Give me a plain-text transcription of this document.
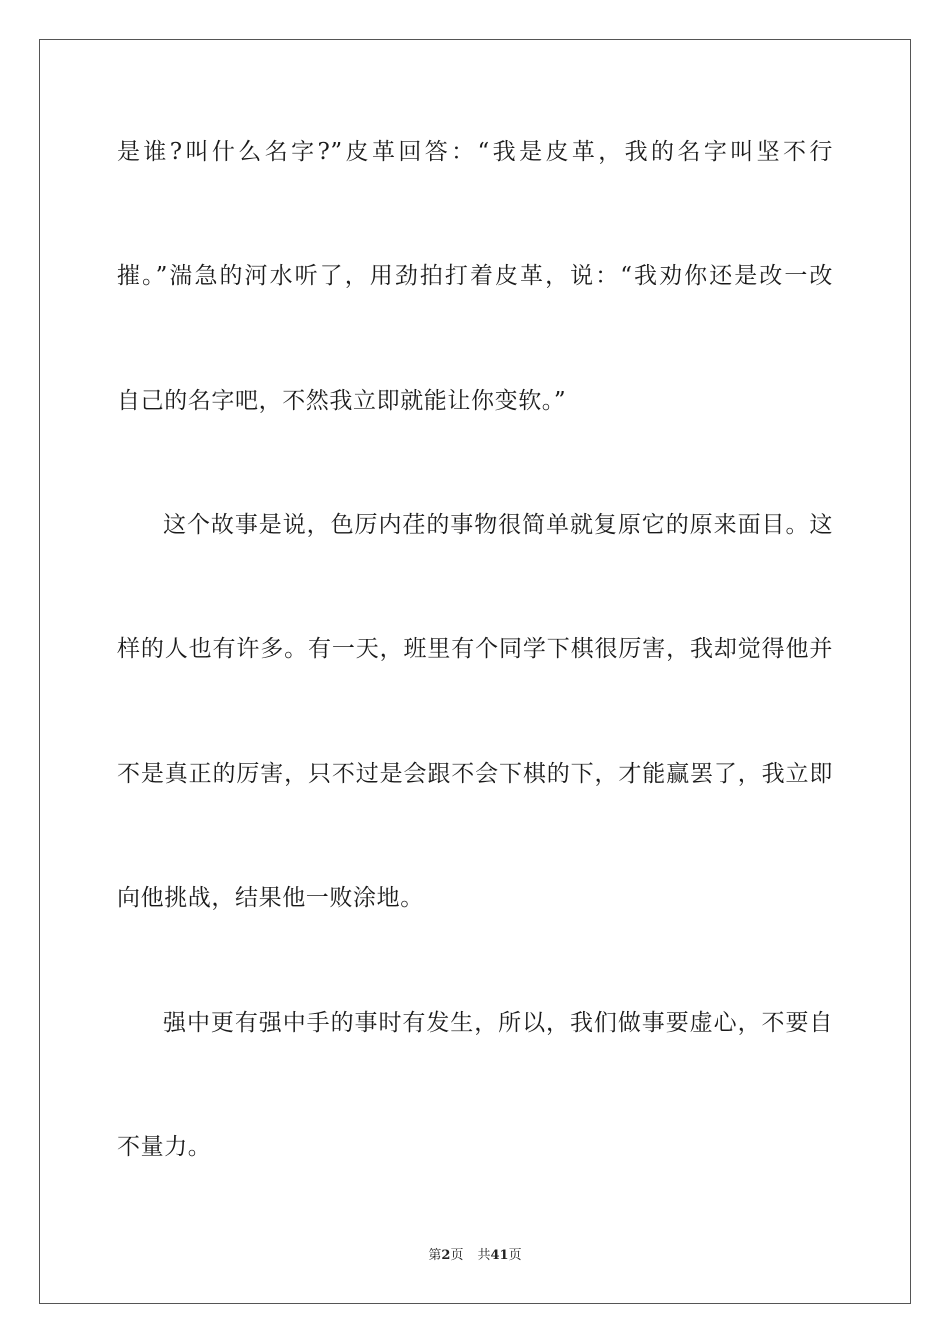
是谁?叫什么名字?”皮革回答：“我是皮革，我的名字叫坚不行
摧。”湍急的河水听了，用劲拍打着皮革，说：“我劝你还是改一改
自己的名字吧，不然我立即就能让你变软。”
这个故事是说，色厉内荏的事物很简单就复原它的原来面目。这
样的人也有许多。有一天，班里有个同学下棋很厉害，我却觉得他并
不是真正的厉害，只不过是会跟不会下棋的下，才能赢罢了，我立即
向他挑战，结果他一败涂地。
强中更有强中手的事时有发生，所以，我们做事要虚心，不要自
不量力。
第2页 共41页
